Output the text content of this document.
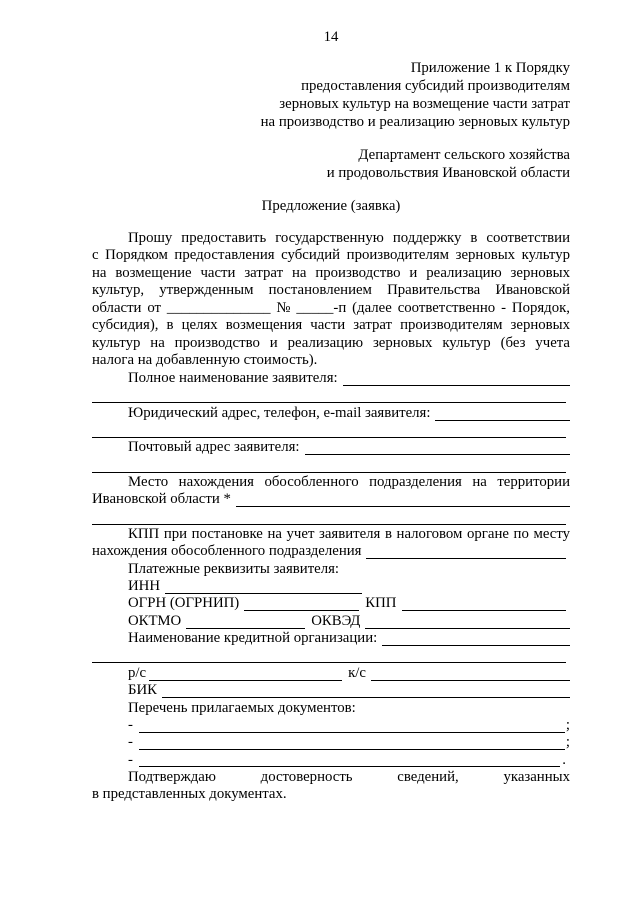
14
Приложение 1 к Порядку
предоставления субсидий производителям
зерновых культур на возмещение части затрат
на производство и реализацию зерновых культур
Департамент сельского хозяйства
и продовольствия Ивановской области
Предложение (заявка)
Прошу предоставить государственную поддержку в соответствии
с Порядком предоставления субсидий производителям зерновых культур
на возмещение части затрат на производство и реализацию зерновых
культур, утвержденным постановлением Правительства Ивановской
области от ______________ № _____-п (далее соответственно - Порядок,
субсидия), в целях возмещения части затрат производителям зерновых
культур на производство и реализацию зерновых культур (без учета
налога на добавленную стоимость).
Полное наименование заявителя:
Юридический адрес, телефон, e-mail заявителя:
Почтовый адрес заявителя:
Место нахождения обособленного подразделения на территории
Ивановской области *
КПП при постановке на учет заявителя в налоговом органе по месту
нахождения обособленного подразделения
Платежные реквизиты заявителя:
ИНН
ОГРН (ОГРНИП)	КПП
ОКТМО	ОКВЭД
Наименование кредитной организации:
р/с	к/с
БИК
Перечень прилагаемых документов:
-	;
-	;
-	.
Подтверждаю достоверность сведений, указанных
в представленных документах.
